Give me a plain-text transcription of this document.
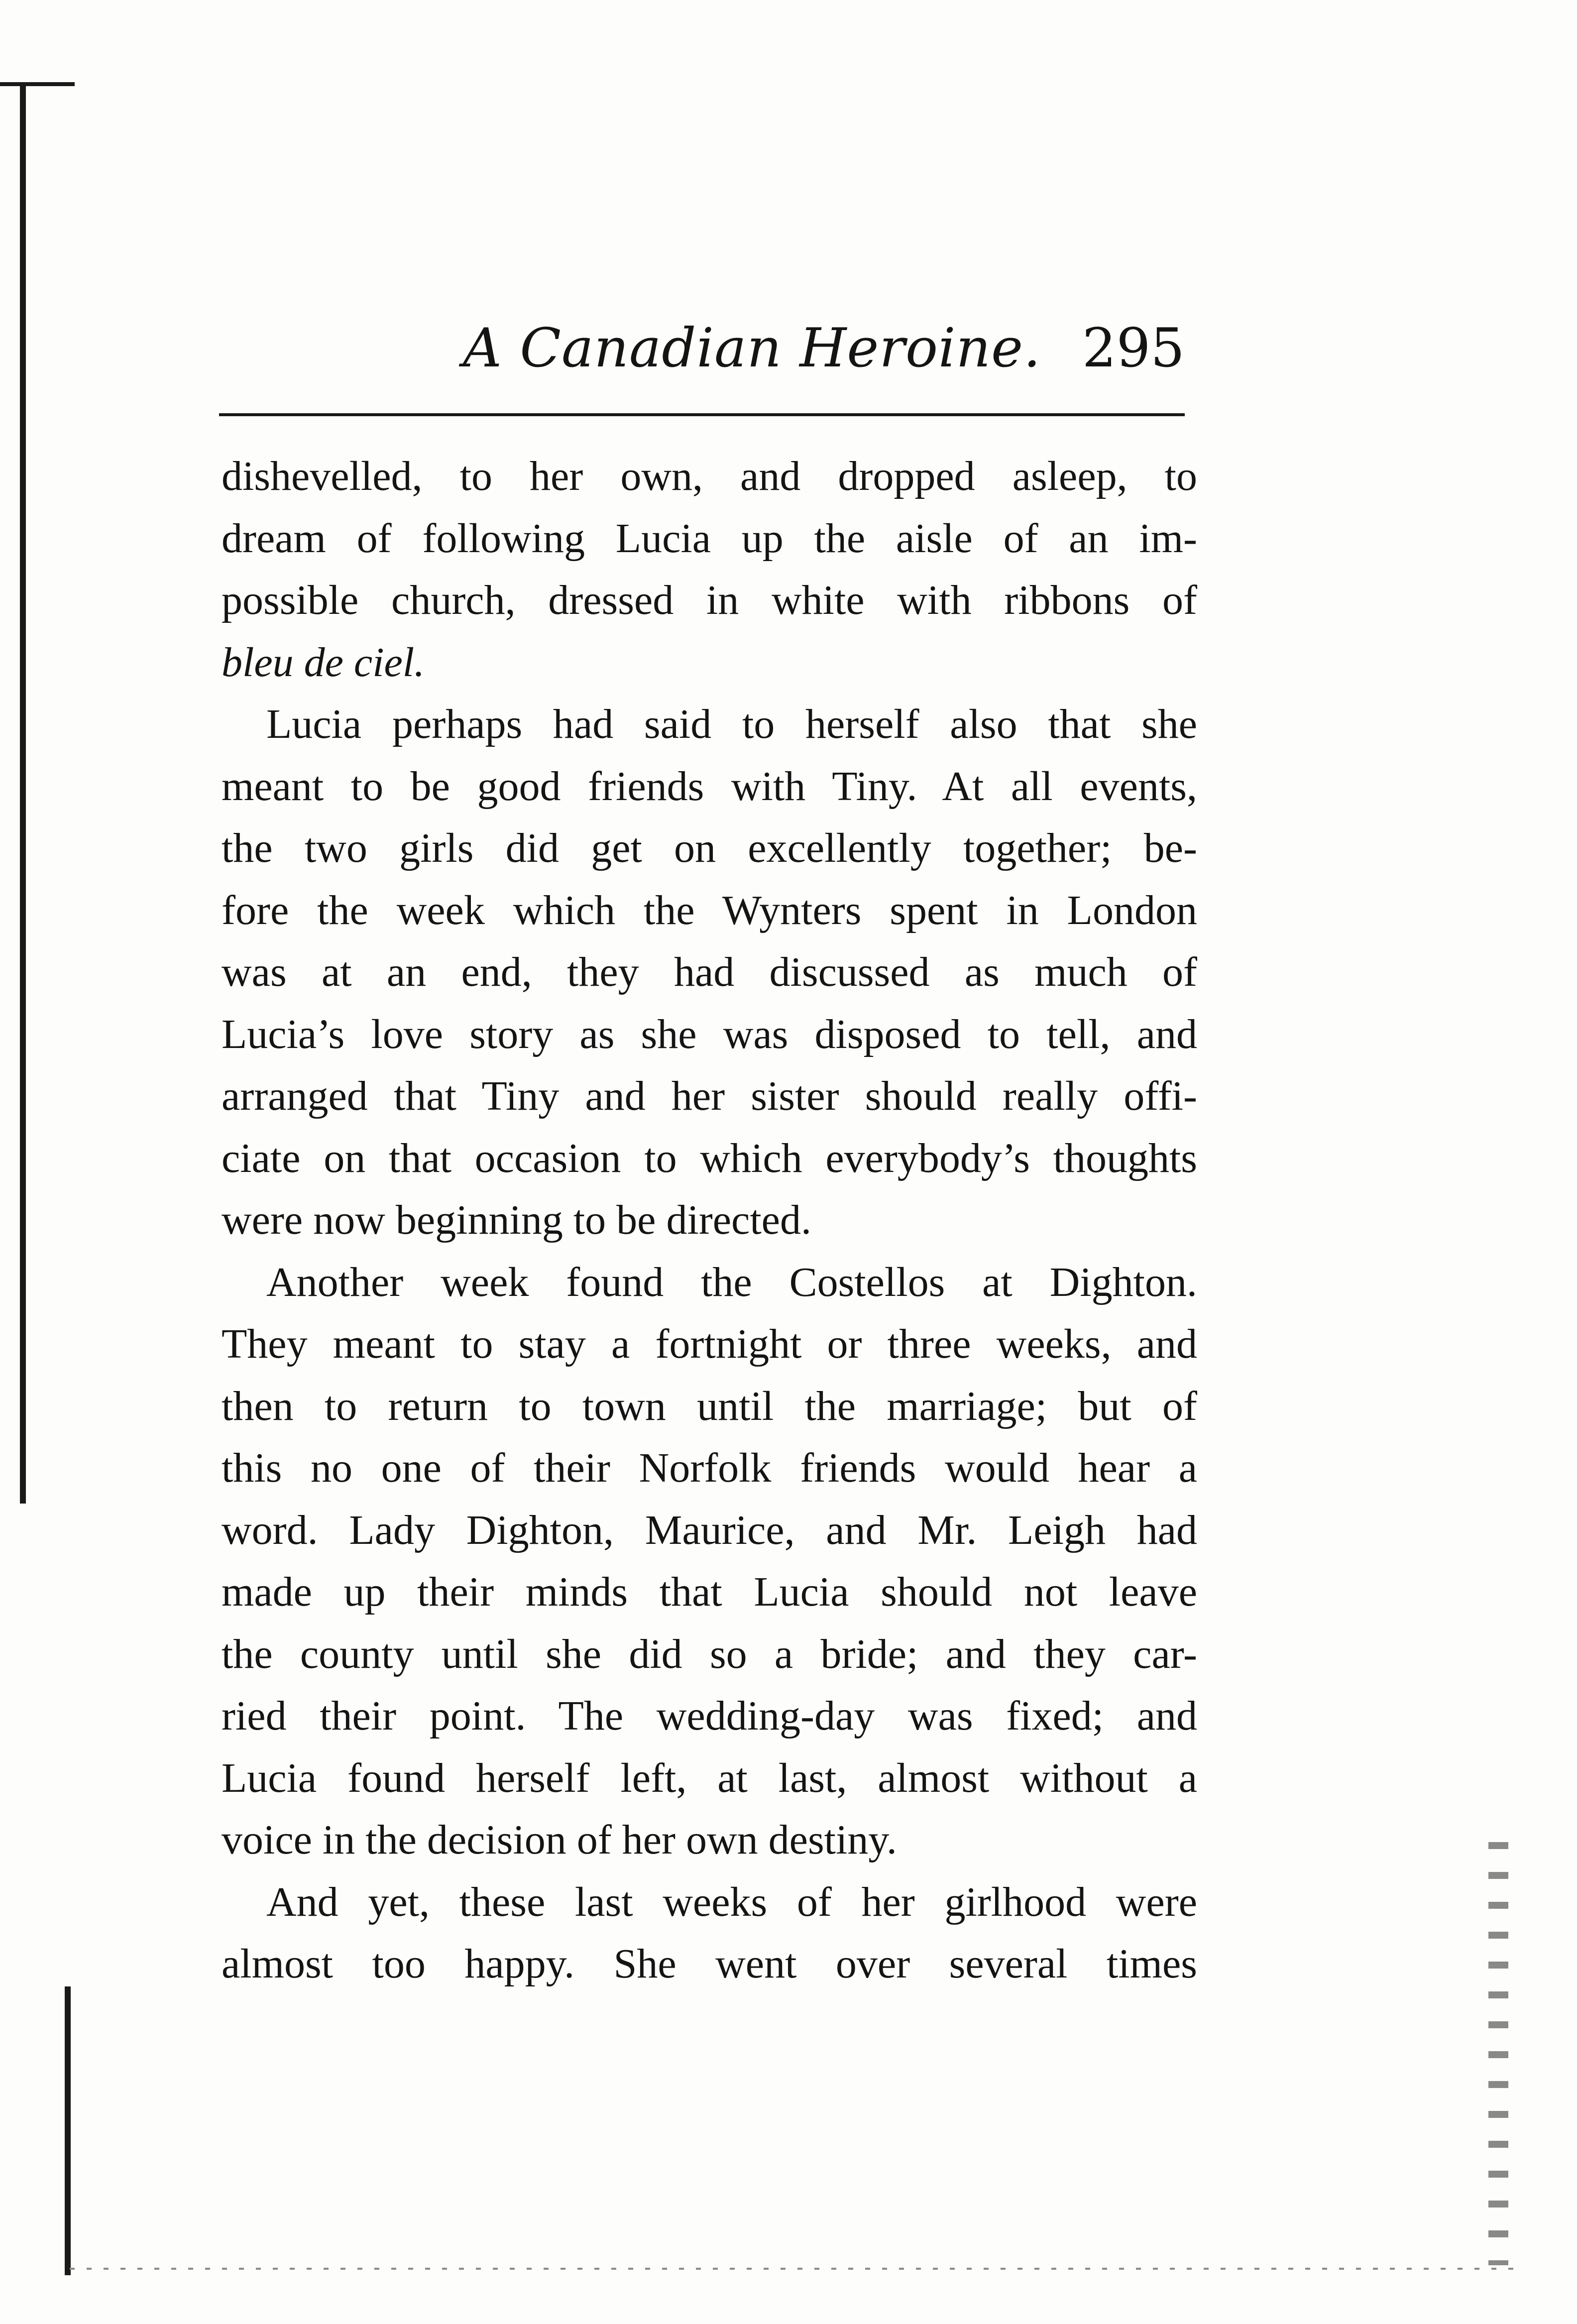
A Canadian Heroine. 295
dishevelled, to her own, and dropped asleep, to
dream of following Lucia up the aisle of an im-
possible church, dressed in white with ribbons of
bleu de ciel.
Lucia perhaps had said to herself also that she
meant to be good friends with Tiny. At all events,
the two girls did get on excellently together; be-
fore the week which the Wynters spent in London
was at an end, they had discussed as much of
Lucia’s love story as she was disposed to tell, and
arranged that Tiny and her sister should really offi-
ciate on that occasion to which everybody’s thoughts
were now beginning to be directed.
Another week found the Costellos at Dighton.
They meant to stay a fortnight or three weeks, and
then to return to town until the marriage; but of
this no one of their Norfolk friends would hear a
word. Lady Dighton, Maurice, and Mr. Leigh had
made up their minds that Lucia should not leave
the county until she did so a bride; and they car-
ried their point. The wedding-day was fixed; and
Lucia found herself left, at last, almost without a
voice in the decision of her own destiny.
And yet, these last weeks of her girlhood were
almost too happy. She went over several times
